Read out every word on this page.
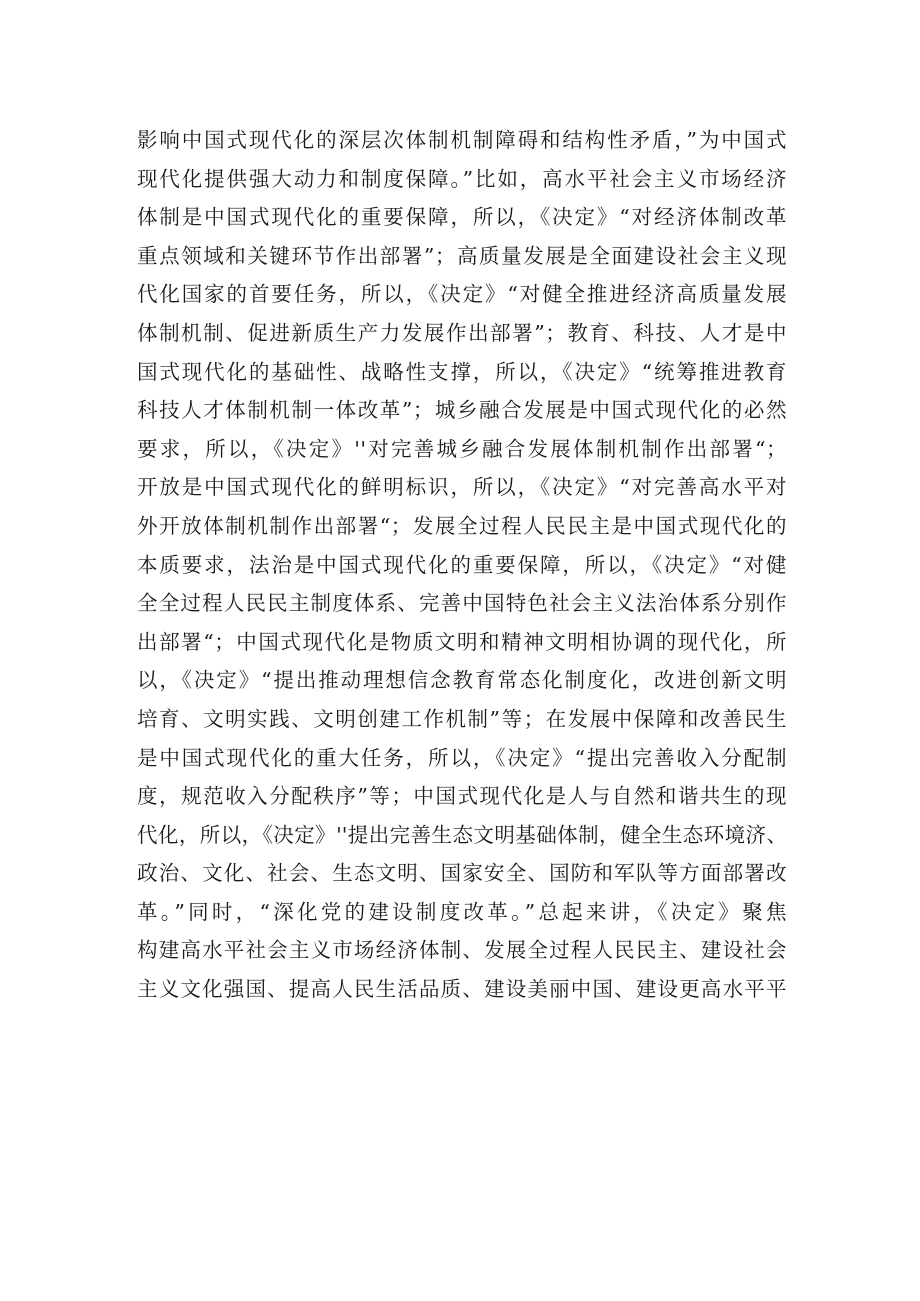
影响中国式现代化的深层次体制机制障碍和结构性矛盾，”为中国式
现代化提供强大动力和制度保障。”比如，高水平社会主义市场经济
体制是中国式现代化的重要保障，所以，《决定》“对经济体制改革
重点领域和关键环节作出部署”；高质量发展是全面建设社会主义现
代化国家的首要任务，所以，《决定》“对健全推进经济高质量发展
体制机制、促进新质生产力发展作出部署”；教育、科技、人才是中
国式现代化的基础性、战略性支撑，所以，《决定》“统筹推进教育
科技人才体制机制一体改革”；城乡融合发展是中国式现代化的必然
要求，所以，《决定》''对完善城乡融合发展体制机制作出部署“；
开放是中国式现代化的鲜明标识，所以，《决定》“对完善高水平对
外开放体制机制作出部署“；发展全过程人民民主是中国式现代化的
本质要求，法治是中国式现代化的重要保障，所以，《决定》“对健
全全过程人民民主制度体系、完善中国特色社会主义法治体系分别作
出部署“；中国式现代化是物质文明和精神文明相协调的现代化，所
以，《决定》“提出推动理想信念教育常态化制度化，改进创新文明
培育、文明实践、文明创建工作机制”等；在发展中保障和改善民生
是中国式现代化的重大任务，所以，《决定》“提出完善收入分配制
度，规范收入分配秩序”等；中国式现代化是人与自然和谐共生的现
代化，所以，《决定》''提出完善生态文明基础体制，健全生态环境济、
政治、文化、社会、生态文明、国家安全、国防和军队等方面部署改
革。”同时，“深化党的建设制度改革。”总起来讲，《决定》聚焦
构建高水平社会主义市场经济体制、发展全过程人民民主、建设社会
主义文化强国、提高人民生活品质、建设美丽中国、建设更高水平平
